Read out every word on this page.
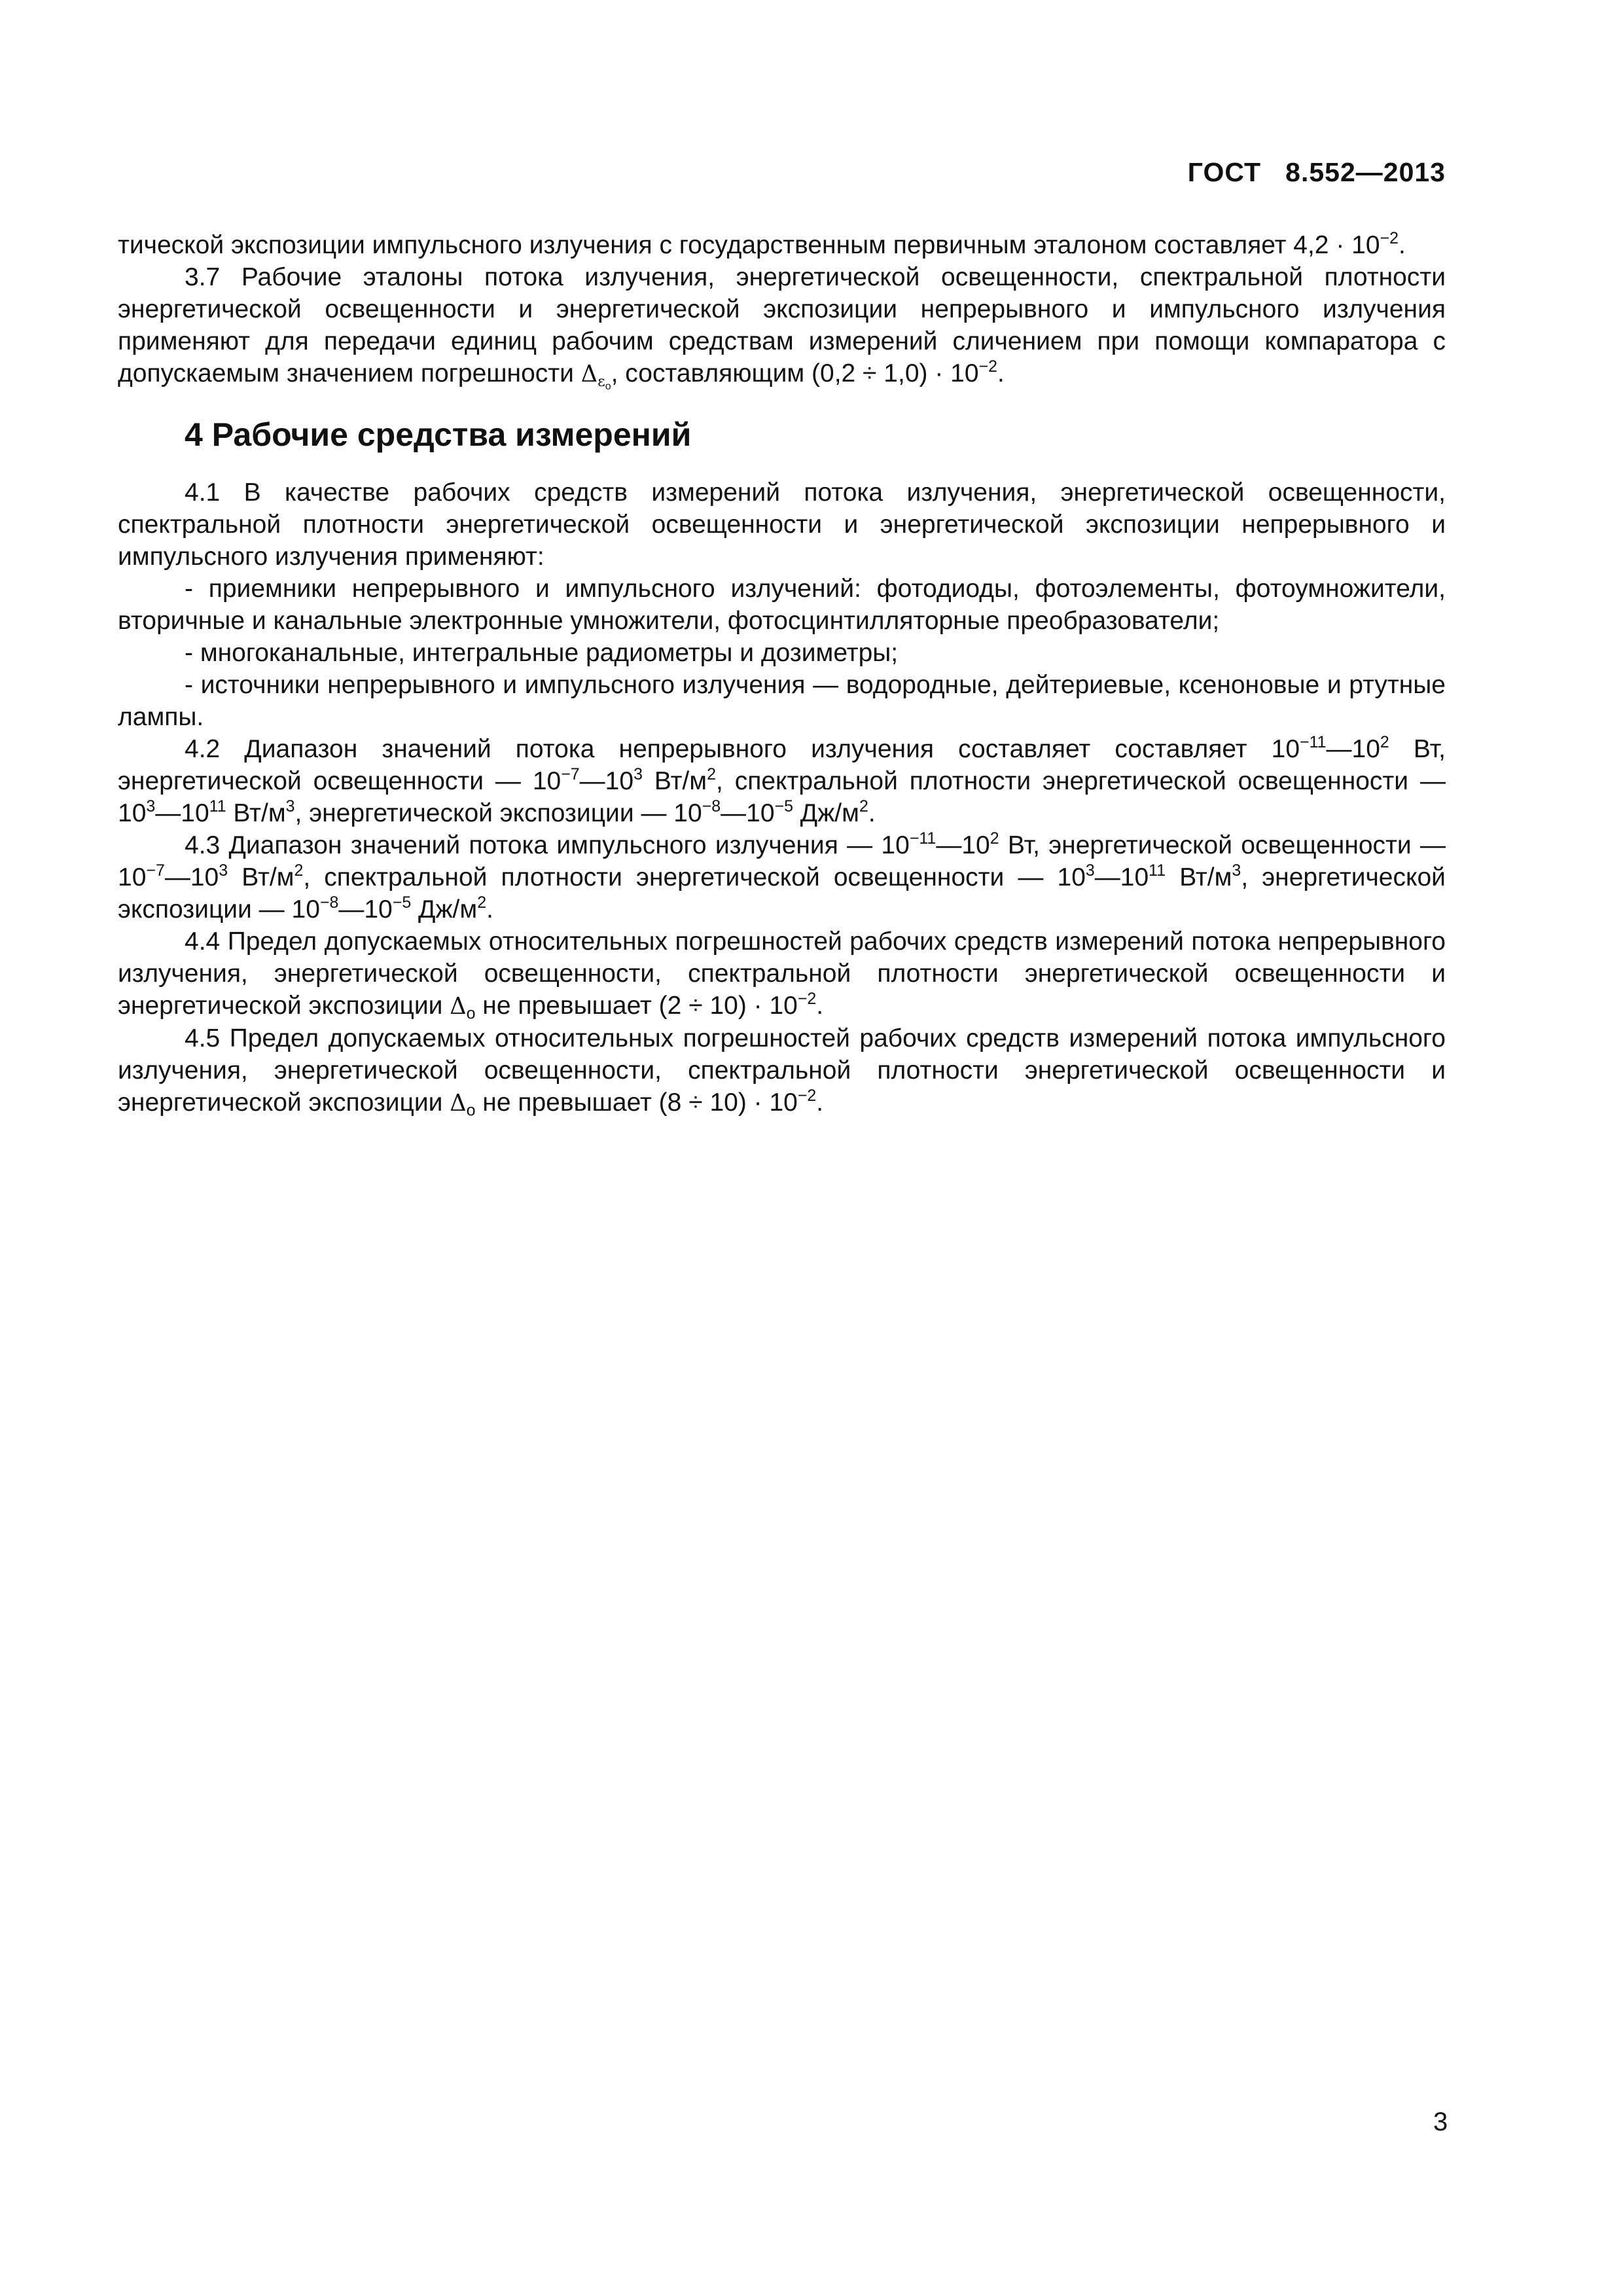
ГОСТ   8.552—2013

тической экспозиции импульсного излучения с государственным первичным эталоном составляет $4,2 \cdot 10^{-2}$.

3.7 Рабочие эталоны потока излучения, энергетической освещенности, спектральной плотности энергетической освещенности и энергетической экспозиции непрерывного и импульсного излучения применяют для передачи единиц рабочим средствам измерений сличением при помощи компаратора с допускаемым значением погрешности $\Delta_{\varepsilon_o}$, составляющим $(0,2 \div 1,0) \cdot 10^{-2}$.

4 Рабочие средства измерений

4.1 В качестве рабочих средств измерений потока излучения, энергетической освещенности, спектральной плотности энергетической освещенности и энергетической экспозиции непрерывного и импульсного излучения применяют:

- приемники непрерывного и импульсного излучений: фотодиоды, фотоэлементы, фотоумножители, вторичные и канальные электронные умножители, фотосцинтилляторные преобразователи;

- многоканальные, интегральные радиометры и дозиметры;

- источники непрерывного и импульсного излучения — водородные, дейтериевые, ксеноновые и ртутные лампы.

4.2 Диапазон значений потока непрерывного излучения составляет составляет $10^{-11}—10^2$ Вт, энергетической освещенности — $10^{-7}—10^3$ $Вт/м^2$, спектральной плотности энергетической освещенности — $10^3—10^{11}$ $Вт/м^3$, энергетической экспозиции — $10^{-8}—10^{-5}$ $Дж/м^2$.

4.3 Диапазон значений потока импульсного излучения — $10^{-11}—10^2$ Вт, энергетической освещенности — $10^{-7}—10^3$ $Вт/м^2$, спектральной плотности энергетической освещенности — $10^3—10^{11}$ $Вт/м^3$, энергетической экспозиции — $10^{-8}—10^{-5}$ $Дж/м^2$.

4.4 Предел допускаемых относительных погрешностей рабочих средств измерений потока непрерывного излучения, энергетической освещенности, спектральной плотности энергетической освещенности и энергетической экспозиции $\Delta_o$ не превышает $(2 \div 10) \cdot 10^{-2}$.

4.5 Предел допускаемых относительных погрешностей рабочих средств измерений потока импульсного излучения, энергетической освещенности, спектральной плотности энергетической освещенности и энергетической экспозиции $\Delta_o$ не превышает $(8 \div 10) \cdot 10^{-2}$.

3
